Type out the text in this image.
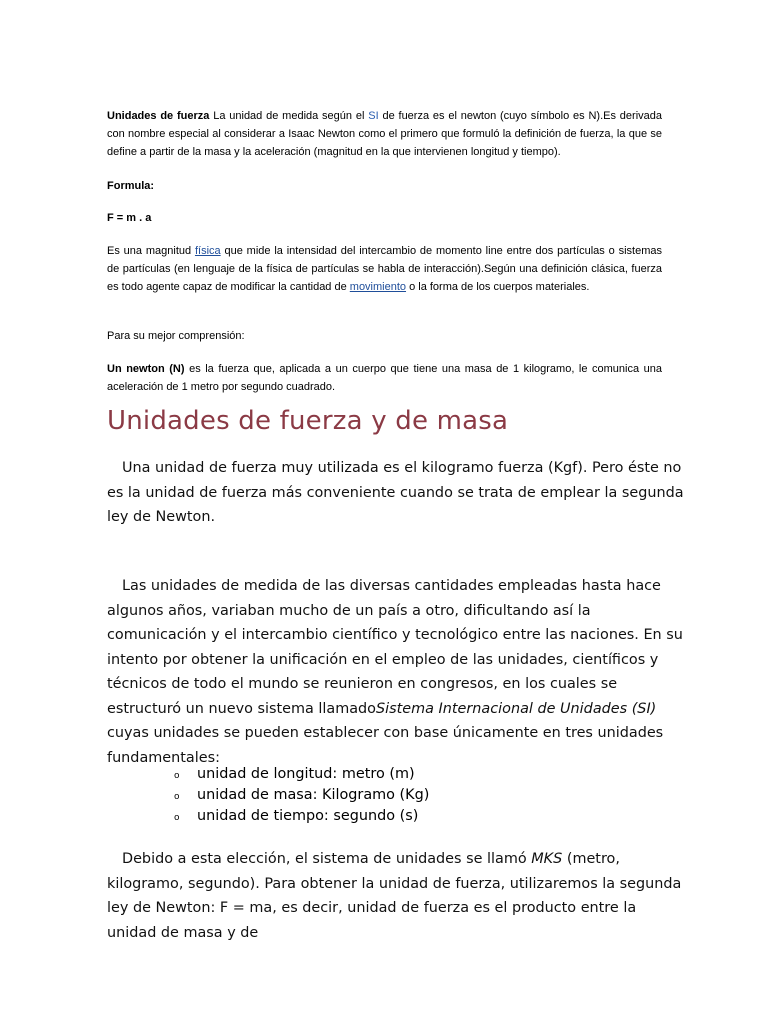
Unidades de fuerza La unidad de medida según el SI de fuerza es el newton (cuyo símbolo es N).Es derivada con nombre especial al considerar a Isaac Newton como el primero que formuló la definición de fuerza, la que se define a partir de la masa y la aceleración (magnitud en la que intervienen longitud y tiempo).

Formula:

F = m . a

Es una magnitud física que mide la intensidad del intercambio de momento line entre dos partículas o sistemas de partículas (en lenguaje de la física de partículas se habla de interacción).Según una definición clásica, fuerza es todo agente capaz de modificar la cantidad de movimiento o la forma de los cuerpos materiales.

Para su mejor comprensión:

Un newton (N) es la fuerza que, aplicada a un cuerpo que tiene una masa de 1 kilogramo, le comunica una aceleración de 1 metro por segundo cuadrado.

Unidades de fuerza y de masa

Una unidad de fuerza muy utilizada es el kilogramo fuerza (Kgf). Pero éste no es la unidad de fuerza más conveniente cuando se trata de emplear la segunda ley de Newton.

Las unidades de medida de las diversas cantidades empleadas hasta hace algunos años, variaban mucho de un país a otro, dificultando así la comunicación y el intercambio científico y tecnológico entre las naciones. En su intento por obtener la unificación en el empleo de las unidades, científicos y técnicos de todo el mundo se reunieron en congresos, en los cuales se estructuró un nuevo sistema llamadoSistema Internacional de Unidades (SI) cuyas unidades se pueden establecer con base únicamente en tres unidades fundamentales:

o unidad de longitud: metro (m)
o unidad de masa: Kilogramo (Kg)
o unidad de tiempo: segundo (s)

Debido a esta elección, el sistema de unidades se llamó MKS (metro, kilogramo, segundo). Para obtener la unidad de fuerza, utilizaremos la segunda ley de Newton: F = ma, es decir, unidad de fuerza es el producto entre la unidad de masa y de
